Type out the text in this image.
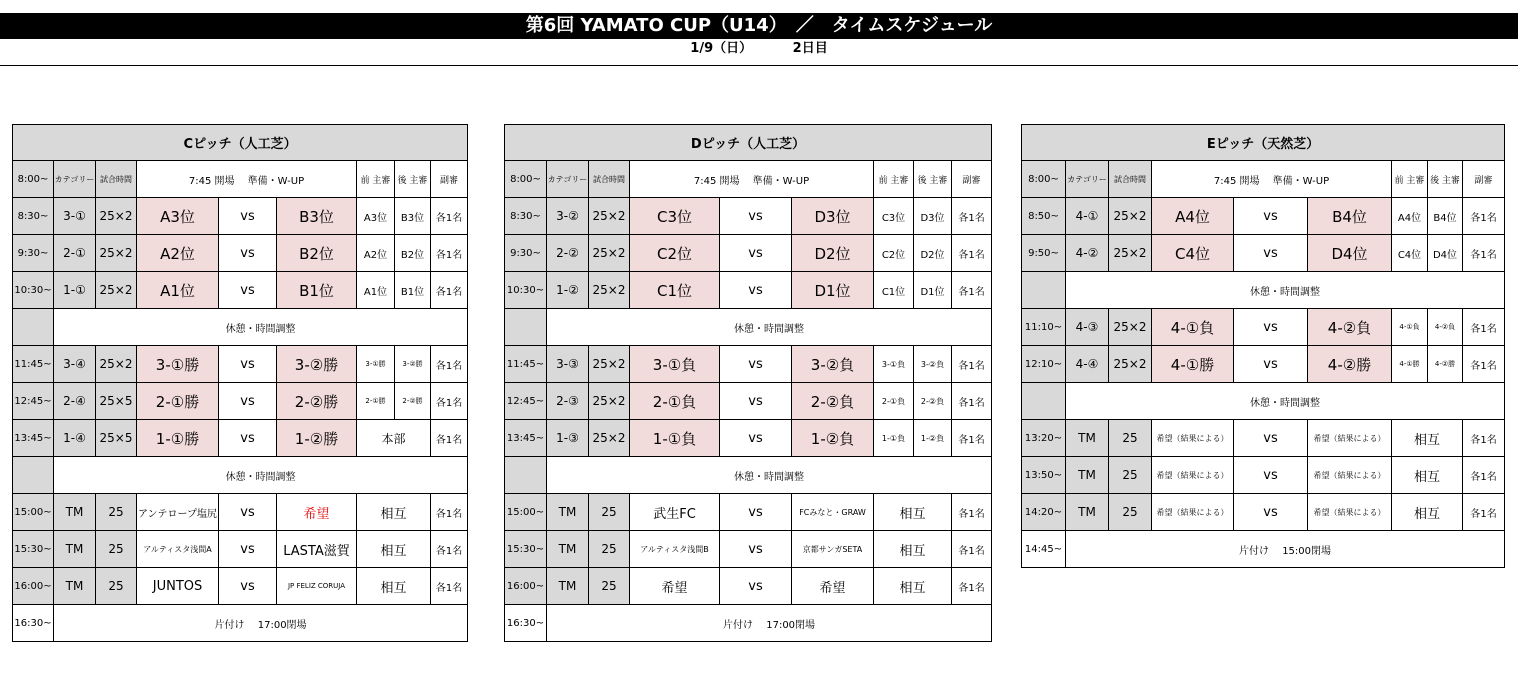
第6回 YAMATO CUP（U14）　／　タイムスケジュール
1/9（日）	2日目
Cピッチ（人工芝）								
8:00~	カテゴリー	試合時間	7:45 開場　 準備・W-UP			前 主審	後 主審	副審
8:30~	3-①	25×2	A3位	vs	B3位	A3位	B3位	各1名
9:30~	2-①	25×2	A2位	vs	B2位	A2位	B2位	各1名
10:30~	1-①	25×2	A1位	vs	B1位	A1位	B1位	各1名
	休憩・時間調整							
11:45~	3-④	25×2	3-①勝	vs	3-②勝	3-①勝	3-②勝	各1名
12:45~	2-④	25×5	2-①勝	vs	2-②勝	2-①勝	2-②勝	各1名
13:45~	1-④	25×5	1-①勝	vs	1-②勝	本部		各1名
	休憩・時間調整							
15:00~	TM	25	アンテロープ塩尻	vs	希望	相互		各1名
15:30~	TM	25	アルティスタ浅間A	vs	LASTA滋賀	相互		各1名
16:00~	TM	25	JUNTOS	vs	JP FELIZ CORUJA	相互		各1名
16:30~	片付け　 17:00閉場							
Dピッチ（人工芝）								
8:00~	カテゴリー	試合時間	7:45 開場　 準備・W-UP			前 主審	後 主審	副審
8:30~	3-②	25×2	C3位	vs	D3位	C3位	D3位	各1名
9:30~	2-②	25×2	C2位	vs	D2位	C2位	D2位	各1名
10:30~	1-②	25×2	C1位	vs	D1位	C1位	D1位	各1名
	休憩・時間調整							
11:45~	3-③	25×2	3-①負	vs	3-②負	3-①負	3-②負	各1名
12:45~	2-③	25×2	2-①負	vs	2-②負	2-①負	2-②負	各1名
13:45~	1-③	25×2	1-①負	vs	1-②負	1-①負	1-②負	各1名
	休憩・時間調整							
15:00~	TM	25	武生FC	vs	FCみなと・GRAW	相互		各1名
15:30~	TM	25	アルティスタ浅間B	vs	京都サンガSETA	相互		各1名
16:00~	TM	25	希望	vs	希望	相互		各1名
16:30~	片付け　 17:00閉場							
Eピッチ（天然芝）								
8:00~	カテゴリー	試合時間	7:45 開場　 準備・W-UP			前 主審	後 主審	副審
8:50~	4-①	25×2	A4位	vs	B4位	A4位	B4位	各1名
9:50~	4-②	25×2	C4位	vs	D4位	C4位	D4位	各1名
	休憩・時間調整							
11:10~	4-③	25×2	4-①負	vs	4-②負	4-①負	4-②負	各1名
12:10~	4-④	25×2	4-①勝	vs	4-②勝	4-①勝	4-②勝	各1名
	休憩・時間調整							
13:20~	TM	25	希望（結果による）	vs	希望（結果による）	相互		各1名
13:50~	TM	25	希望（結果による）	vs	希望（結果による）	相互		各1名
14:20~	TM	25	希望（結果による）	vs	希望（結果による）	相互		各1名
14:45~	片付け　 15:00閉場							
